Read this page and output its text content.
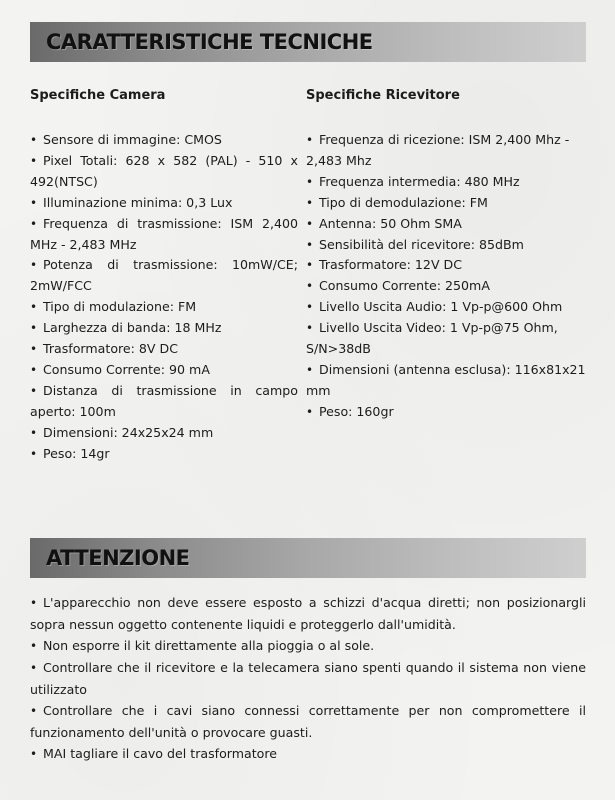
CARATTERISTICHE TECNICHE
Specifiche Camera
• Sensore di immagine: CMOS
• Pixel Totali: 628 x 582 (PAL) - 510 x 492(NTSC)
• Illuminazione minima: 0,3 Lux
• Frequenza di trasmissione: ISM 2,400 MHz - 2,483 MHz
• Potenza di trasmissione: 10mW/CE; 2mW/FCC
• Tipo di modulazione: FM
• Larghezza di banda: 18 MHz
• Trasformatore: 8V DC
• Consumo Corrente: 90 mA
• Distanza di trasmissione in campo aperto: 100m
• Dimensioni: 24x25x24 mm
• Peso: 14gr
Specifiche Ricevitore
• Frequenza di ricezione: ISM 2,400 Mhz - 2,483 Mhz
• Frequenza intermedia: 480 MHz
• Tipo di demodulazione: FM
• Antenna: 50 Ohm SMA
• Sensibilità del ricevitore: 85dBm
• Trasformatore: 12V DC
• Consumo Corrente: 250mA
• Livello Uscita Audio: 1 Vp-p@600 Ohm
• Livello Uscita Video: 1 Vp-p@75 Ohm, S/N>38dB
• Dimensioni (antenna esclusa): 116x81x21 mm
• Peso: 160gr
ATTENZIONE
• L'apparecchio non deve essere esposto a schizzi d'acqua diretti; non posizionargli sopra nessun oggetto contenente liquidi e proteggerlo dall'umidità.
• Non esporre il kit direttamente alla pioggia o al sole.
• Controllare che il ricevitore e la telecamera siano spenti quando il sistema non viene utilizzato
• Controllare che i cavi siano connessi correttamente per non compromettere il funzionamento dell'unità o provocare guasti.
• MAI tagliare il cavo del trasformatore
